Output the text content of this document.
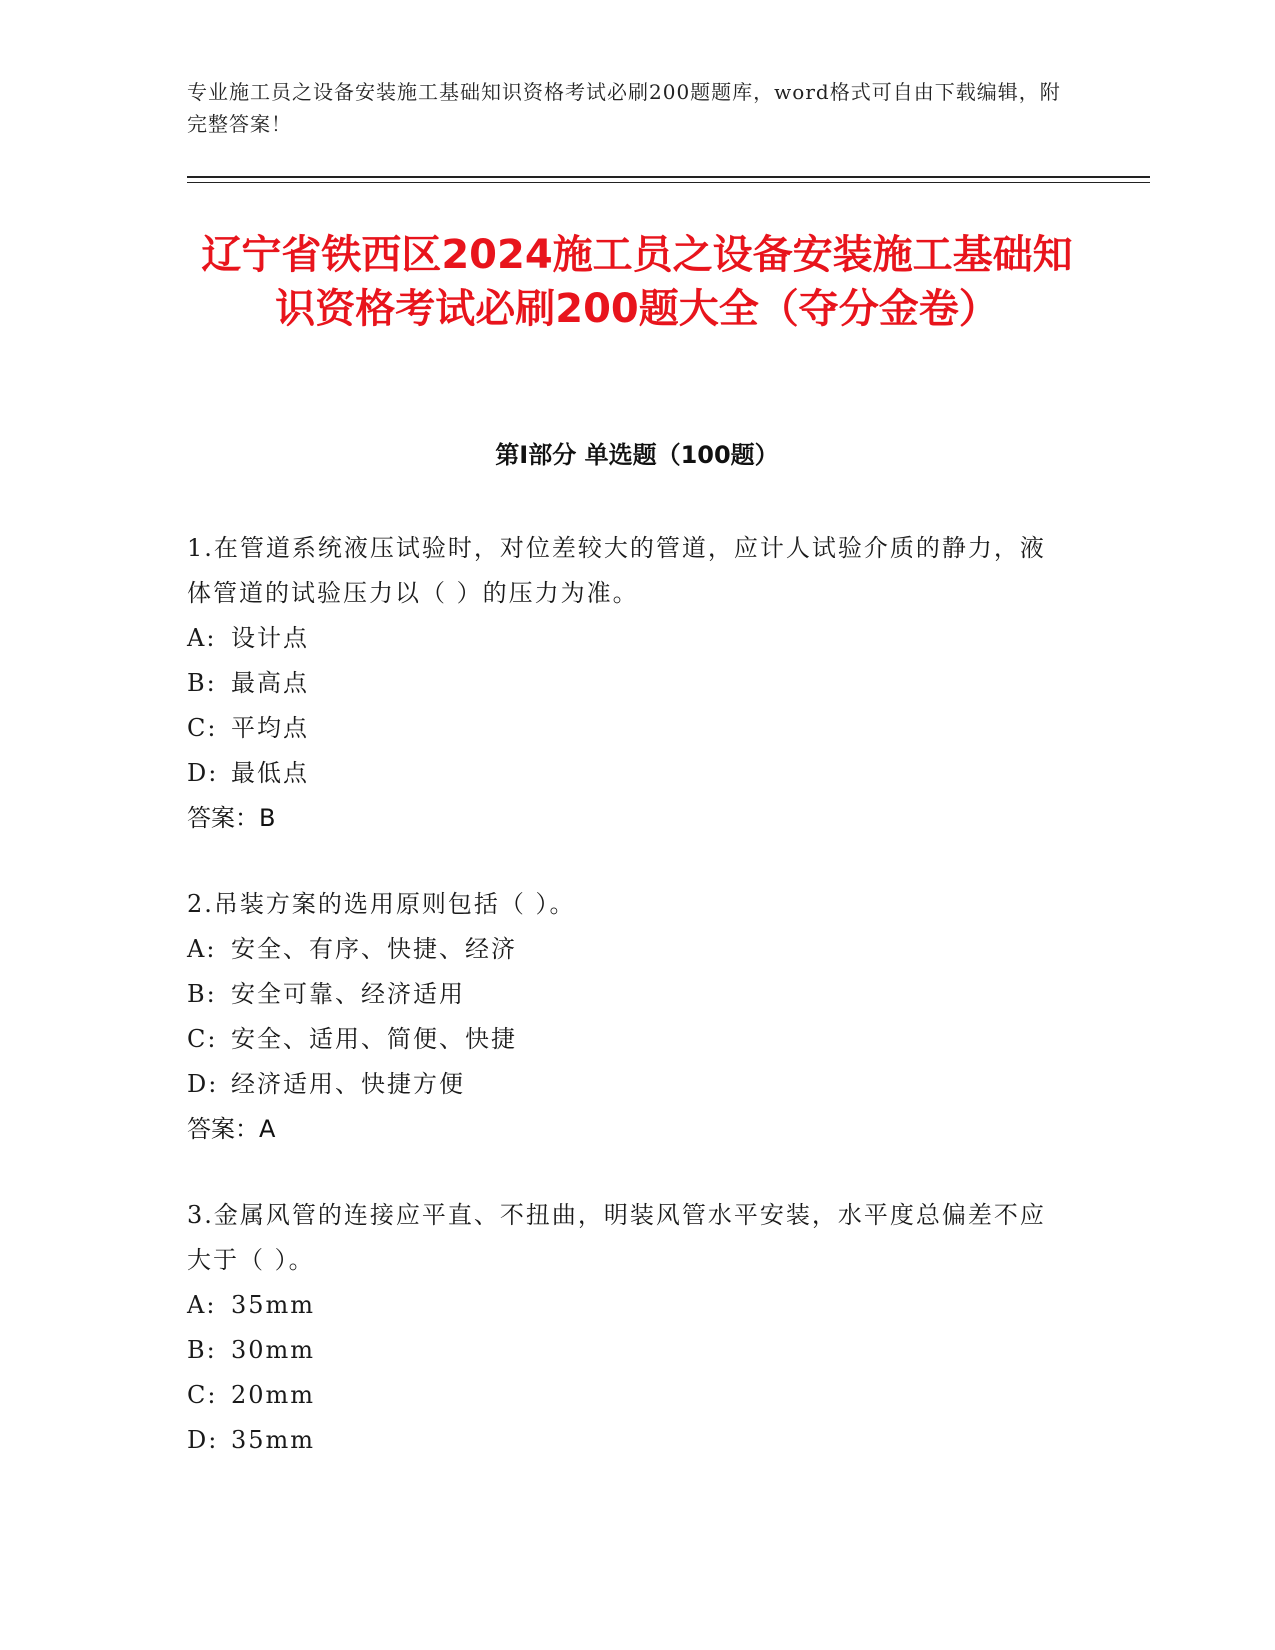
专业施工员之设备安装施工基础知识资格考试必刷200题题库，word格式可自由下载编辑，附完整答案！
辽宁省铁西区2024施工员之设备安装施工基础知识资格考试必刷200题大全（夺分金卷）
第Ⅰ部分 单选题（100题）

1.在管道系统液压试验时，对位差较大的管道，应计人试验介质的静力，液体管道的试验压力以（ ）的压力为准。

A: 设计点

B: 最高点

C: 平均点

D: 最低点

答案：B

2.吊装方案的选用原则包括（ ）。

A: 安全、有序、快捷、经济

B: 安全可靠、经济适用

C: 安全、适用、简便、快捷

D: 经济适用、快捷方便

答案：A

3.金属风管的连接应平直、不扭曲，明装风管水平安装，水平度总偏差不应大于（ ）。

A: 35mm

B: 30mm

C: 20mm

D: 35mm
